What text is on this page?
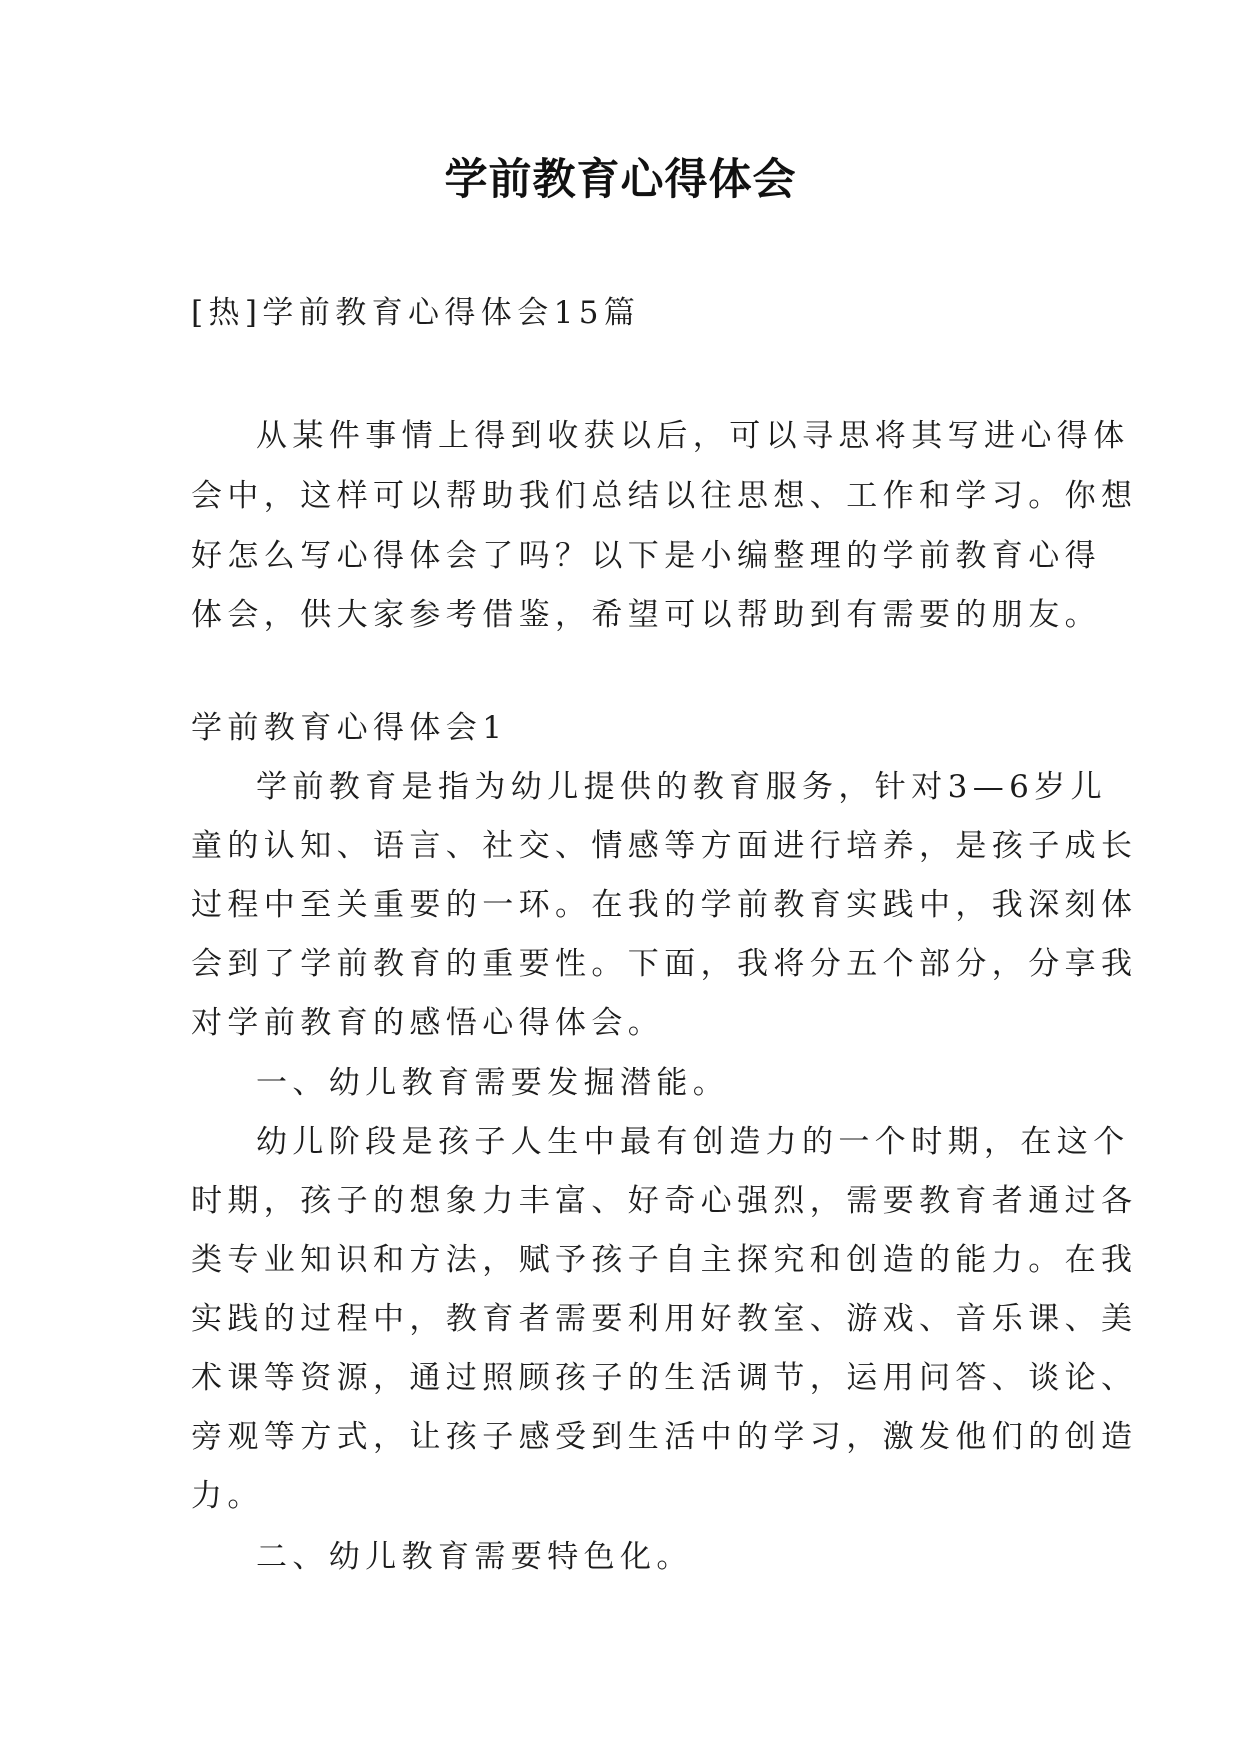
学前教育心得体会

[热]学前教育心得体会15篇

从某件事情上得到收获以后，可以寻思将其写进心得体

会中，这样可以帮助我们总结以往思想、工作和学习。你想

好怎么写心得体会了吗？以下是小编整理的学前教育心得

体会，供大家参考借鉴，希望可以帮助到有需要的朋友。

学前教育心得体会1

学前教育是指为幼儿提供的教育服务，针对3—6岁儿

童的认知、语言、社交、情感等方面进行培养，是孩子成长

过程中至关重要的一环。在我的学前教育实践中，我深刻体

会到了学前教育的重要性。下面，我将分五个部分，分享我

对学前教育的感悟心得体会。

一、幼儿教育需要发掘潜能。

幼儿阶段是孩子人生中最有创造力的一个时期，在这个

时期，孩子的想象力丰富、好奇心强烈，需要教育者通过各

类专业知识和方法，赋予孩子自主探究和创造的能力。在我

实践的过程中，教育者需要利用好教室、游戏、音乐课、美

术课等资源，通过照顾孩子的生活调节，运用问答、谈论、

旁观等方式，让孩子感受到生活中的学习，激发他们的创造

力。

二、幼儿教育需要特色化。
